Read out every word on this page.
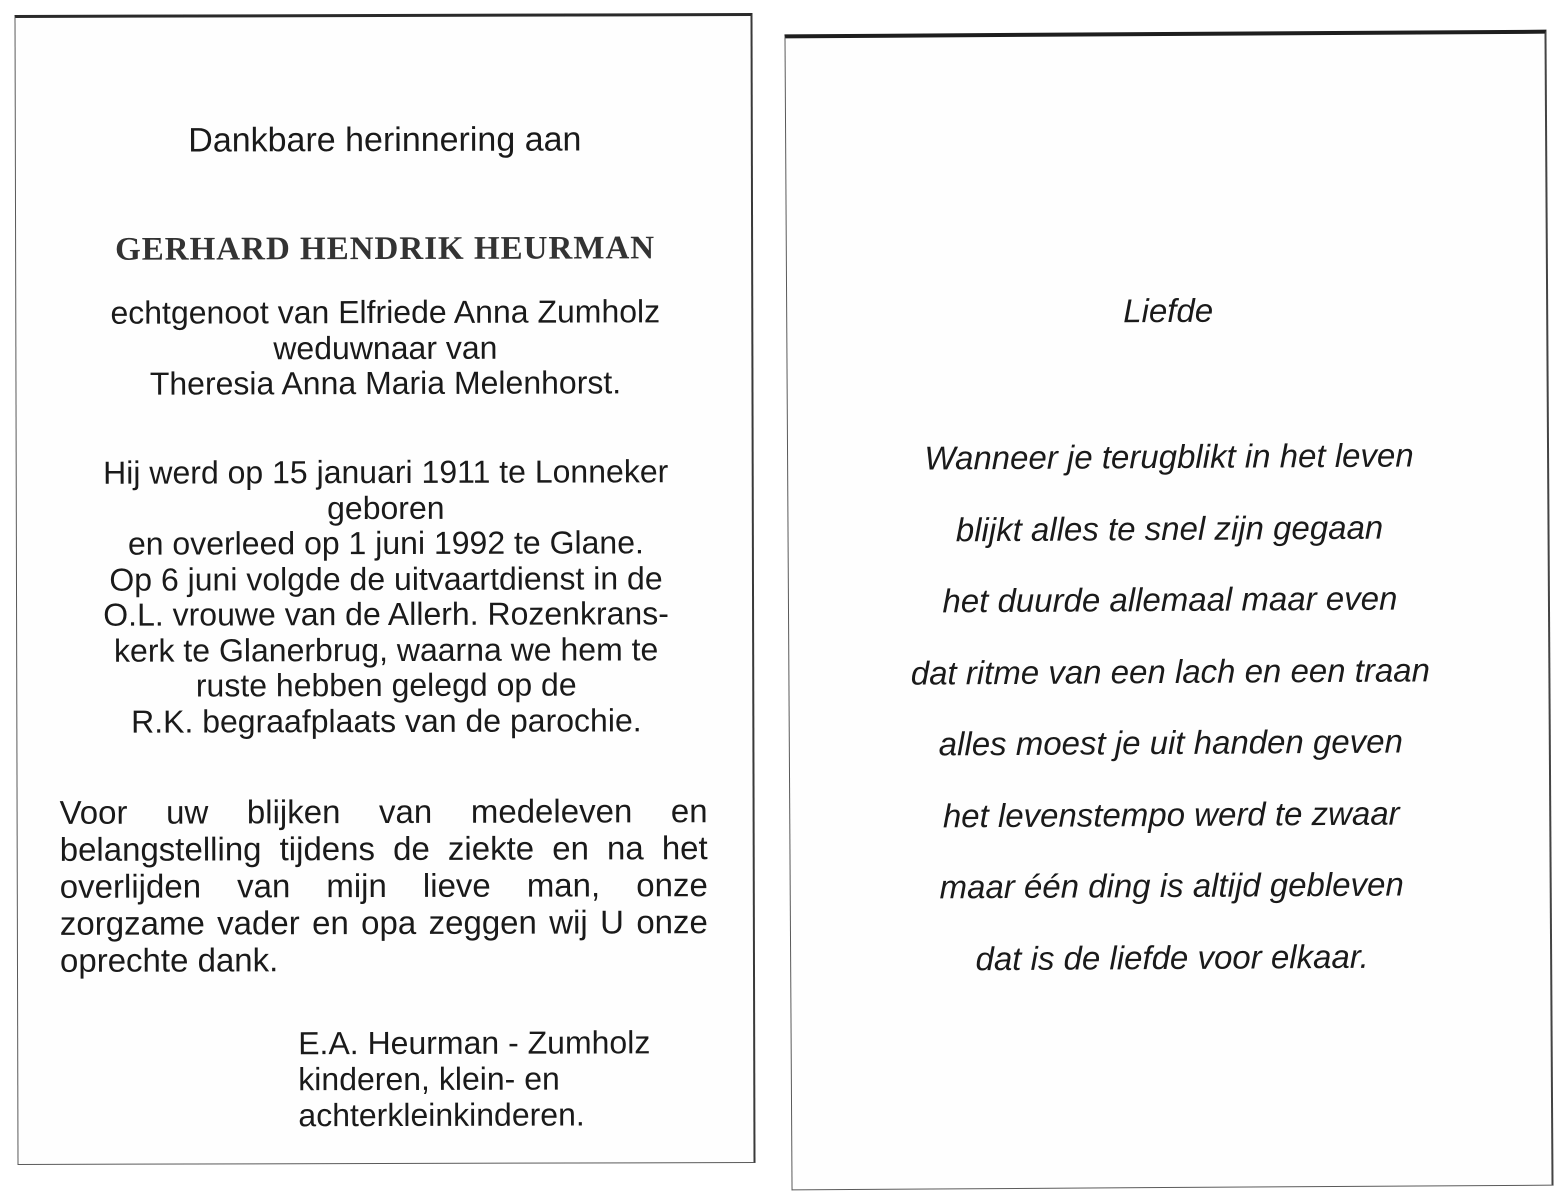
Dankbare herinnering aan

GERHARD HENDRIK HEURMAN

echtgenoot van Elfriede Anna Zumholz
weduwnaar van
Theresia Anna Maria Melenhorst.
Hij werd op 15 januari 1911 te Lonneker
geboren
en overleed op 1 juni 1992 te Glane.
Op 6 juni volgde de uitvaartdienst in de
O.L. vrouwe van de Allerh. Rozenkrans-
kerk te Glanerbrug, waarna we hem te
ruste hebben gelegd op de
R.K. begraafplaats van de parochie.

Voor uw blijken van medeleven en belangstelling tijdens de ziekte en na het overlijden van mijn lieve man, onze zorgzame vader en opa zeggen wij U onze oprechte dank.

E.A. Heurman - Zumholz
kinderen, klein- en
achterkleinkinderen.

Liefde

Wanneer je terugblikt in het leven
blijkt alles te snel zijn gegaan
het duurde allemaal maar even
dat ritme van een lach en een traan
alles moest je uit handen geven
het levenstempo werd te zwaar
maar één ding is altijd gebleven
dat is de liefde voor elkaar.
